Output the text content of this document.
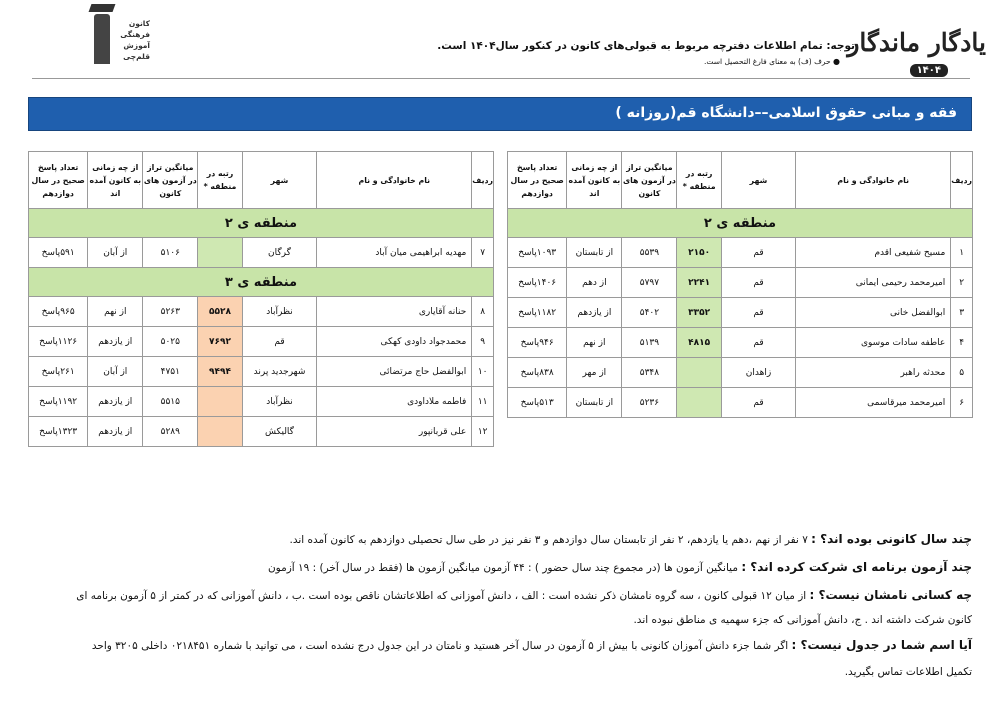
یادگار ماندگار
۱۴۰۴
توجه: تمام اطلاعات دفترچه مربوط به قبولی‌های کانون در کنکور سال۱۴۰۴ است.
● حرف (ف) به معنای فارغ التحصیل است.
کانون
فرهنگی
آموزش
قلم‌چی
فقه و مبانی حقوق اسلامی––دانشگاه قم(روزانه )
ردیف	نام خانوادگی و نام	شهر	رتبه در منطقه *	میانگین تراز در آزمون های کانون	از چه زمانی به کانون آمده اند	تعداد پاسخ صحیح در سال دوازدهم
منطقه ی ۲						
۱	مسیح شفیعی اقدم	قم	۲۱۵۰	۵۵۳۹	از تابستان	۱۰۹۳پاسخ
۲	امیرمحمد رحیمی ایمانی	قم	۲۲۴۱	۵۷۹۷	از دهم	۱۴۰۶پاسخ
۳	ابوالفضل خانی	قم	۳۳۵۲	۵۴۰۲	از یازدهم	۱۱۸۲پاسخ
۴	عاطفه سادات موسوی	قم	۴۸۱۵	۵۱۳۹	از نهم	۹۴۶پاسخ
۵	محدثه راهبر	زاهدان		۵۳۴۸	از مهر	۸۳۸پاسخ
۶	امیرمحمد میرقاسمی	قم		۵۲۳۶	از تابستان	۵۱۳پاسخ
ردیف	نام خانوادگی و نام	شهر	رتبه در منطقه *	میانگین تراز در آزمون های کانون	از چه زمانی به کانون آمده اند	تعداد پاسخ صحیح در سال دوازدهم
منطقه ی ۲						
۷	مهدیه ابراهیمی میان آباد	گرگان		۵۱۰۶	از آبان	۵۹۱پاسخ
منطقه ی ۳						
۸	حنانه آقایاری	نظرآباد	۵۵۲۸	۵۲۶۳	از نهم	۹۶۵پاسخ
۹	محمدجواد داودی کهکی	قم	۷۶۹۲	۵۰۲۵	از یازدهم	۱۱۲۶پاسخ
۱۰	ابوالفضل حاج مرتضائی	شهرجدید پرند	۹۴۹۴	۴۷۵۱	از آبان	۲۶۱پاسخ
۱۱	فاطمه ملاداودی	نظرآباد		۵۵۱۵	از یازدهم	۱۱۹۲پاسخ
۱۲	علی قربانپور	گالیکش		۵۲۸۹	از یازدهم	۱۳۲۳پاسخ
چند سال کانونی بوده اند؟ : ۷ نفر از نهم ،دهم یا یازدهم، ۲ نفر از تابستان سال دوازدهم و ۳ نفر نیز در طی سال تحصیلی دوازدهم به کانون آمده اند.
چند آزمون برنامه ای شرکت کرده اند؟ : میانگین آزمون ها (در مجموع چند سال حضور ) : ۴۴ آزمون میانگین آزمون ها (فقط در سال آخر) : ۱۹ آزمون
چه کسانی نامشان نیست؟ : از میان ۱۲ قبولی کانون ، سه گروه نامشان ذکر نشده است : الف ، دانش آموزانی که اطلاعاتشان ناقص بوده است .ب ، دانش آموزانی که در کمتر از ۵ آزمون برنامه ای
کانون شرکت داشته اند . ج، دانش آموزانی که جزء سهمیه ی مناطق نبوده اند.
آیا اسم شما در جدول نیست؟ : اگر شما جزء دانش آموزان کانونی با بیش از ۵ آزمون در سال آخر هستید و نامتان در این جدول درج نشده است ، می توانید با شماره ۰۲۱۸۴۵۱ داخلی ۳۲۰۵ واحد
تکمیل اطلاعات تماس بگیرید.
